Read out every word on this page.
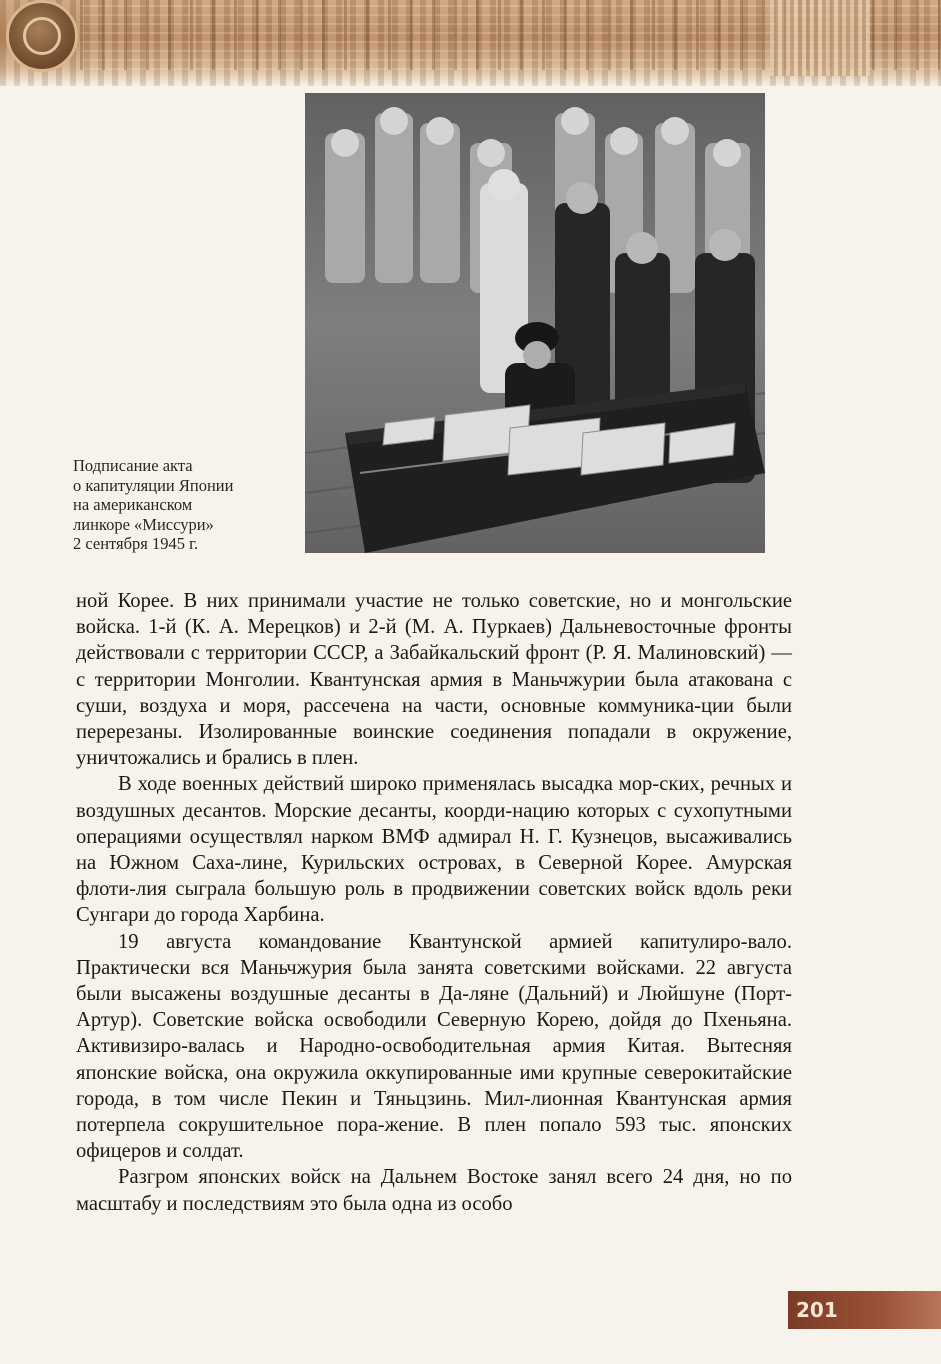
Подписание акта
о капитуляции Японии
на американском
линкоре «Миссури»
2 сентября 1945 г.

ной Корее. В них принимали участие не только советские, но и монгольские войска. 1-й (К. А. Мерецков) и 2-й (М. А. Пуркаев) Дальневосточные фронты действовали с территории СССР, а Забайкальский фронт (Р. Я. Малиновский) — с территории Монголии. Квантунская армия в Маньчжурии была атакована с суши, воздуха и моря, рассечена на части, основные коммуника-ции были перерезаны. Изолированные воинские соединения попадали в окружение, уничтожались и брались в плен.

В ходе военных действий широко применялась высадка мор-ских, речных и воздушных десантов. Морские десанты, коорди-нацию которых с сухопутными операциями осуществлял нарком ВМФ адмирал Н. Г. Кузнецов, высаживались на Южном Саха-лине, Курильских островах, в Северной Корее. Амурская флоти-лия сыграла большую роль в продвижении советских войск вдоль реки Сунгари до города Харбина.

19 августа командование Квантунской армией капитулиро-вало. Практически вся Маньчжурия была занята советскими войсками. 22 августа были высажены воздушные десанты в Да-ляне (Дальний) и Люйшуне (Порт-Артур). Советские войска освободили Северную Корею, дойдя до Пхеньяна. Активизиро-валась и Народно-освободительная армия Китая. Вытесняя японские войска, она окружила оккупированные ими крупные северокитайские города, в том числе Пекин и Тяньцзинь. Мил-лионная Квантунская армия потерпела сокрушительное пора-жение. В плен попало 593 тыс. японских офицеров и солдат.

Разгром японских войск на Дальнем Востоке занял всего 24 дня, но по масштабу и последствиям это была одна из особо

201
